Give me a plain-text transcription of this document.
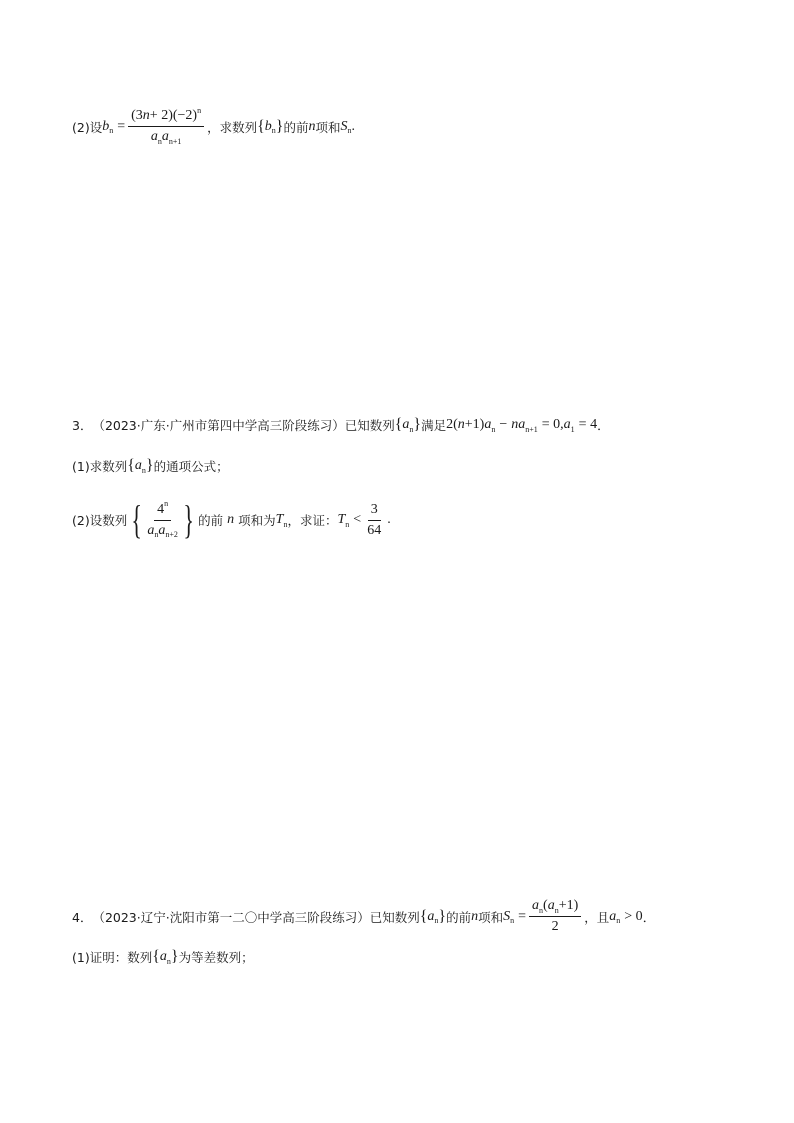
(2)设 b $n = \frac{(3 n + 2)(-2) n}{\text{a n a n+1}}$ ，求数列 { b n } 的前 n 项和 S n .
3． （2023·广东·广州市第四中学高三阶段练习）已知数列 { a n } 满足 2( n +1) a n − n a n+1 = 0, a 1 = 4 ．
(1)求数列 { a n } 的通项公式；
(2)设数列 { $\frac{4 n}{\text{a n a n+2}}$ } 的前 n 项和为 T n ，求证： T $n < \frac{3}{64}$ .
4． （2023·辽宁·沈阳市第一二〇中学高三阶段练习）已知数列 { a n } 的前 n 项和 S $n = \frac{\text{a n ( a n +1)}}{2}$ ，且 a n > 0 ．
(1)证明：数列 { a n } 为等差数列；
